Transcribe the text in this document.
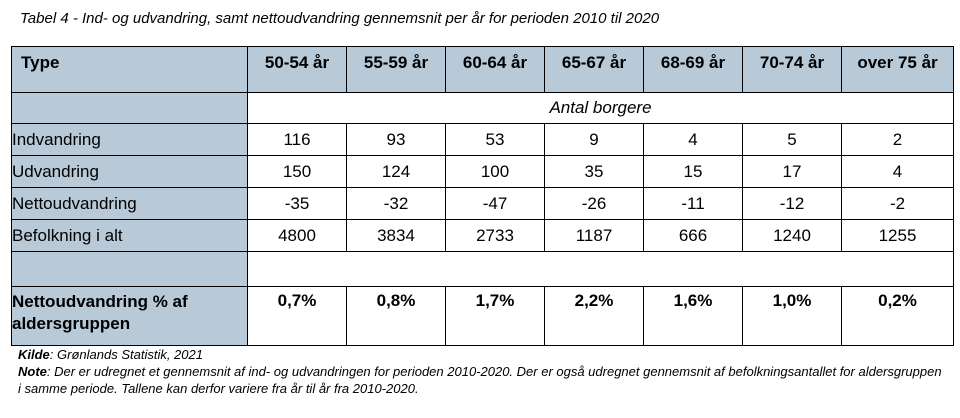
Tabel 4 - Ind- og udvandring, samt nettoudvandring gennemsnit per år for perioden 2010 til 2020
Type	50-54 år	55-59 år	60-64 år	65-67 år	68-69 år	70-74 år	over 75 år
	Antal borgere						
Indvandring	116	93	53	9	4	5	2
Udvandring	150	124	100	35	15	17	4
Nettoudvandring	-35	-32	-47	-26	-11	-12	-2
Befolkning i alt	4800	3834	2733	1187	666	1240	1255

Nettoudvandring % af
aldersgruppen	0,7%	0,8%	1,7%	2,2%	1,6%	1,0%	0,2%
Kilde: Grønlands Statistik, 2021
Note: Der er udregnet et gennemsnit af ind- og udvandringen for perioden 2010-2020. Der er også udregnet gennemsnit af befolkningsantallet for aldersgruppen i samme periode. Tallene kan derfor variere fra år til år fra 2010-2020.
